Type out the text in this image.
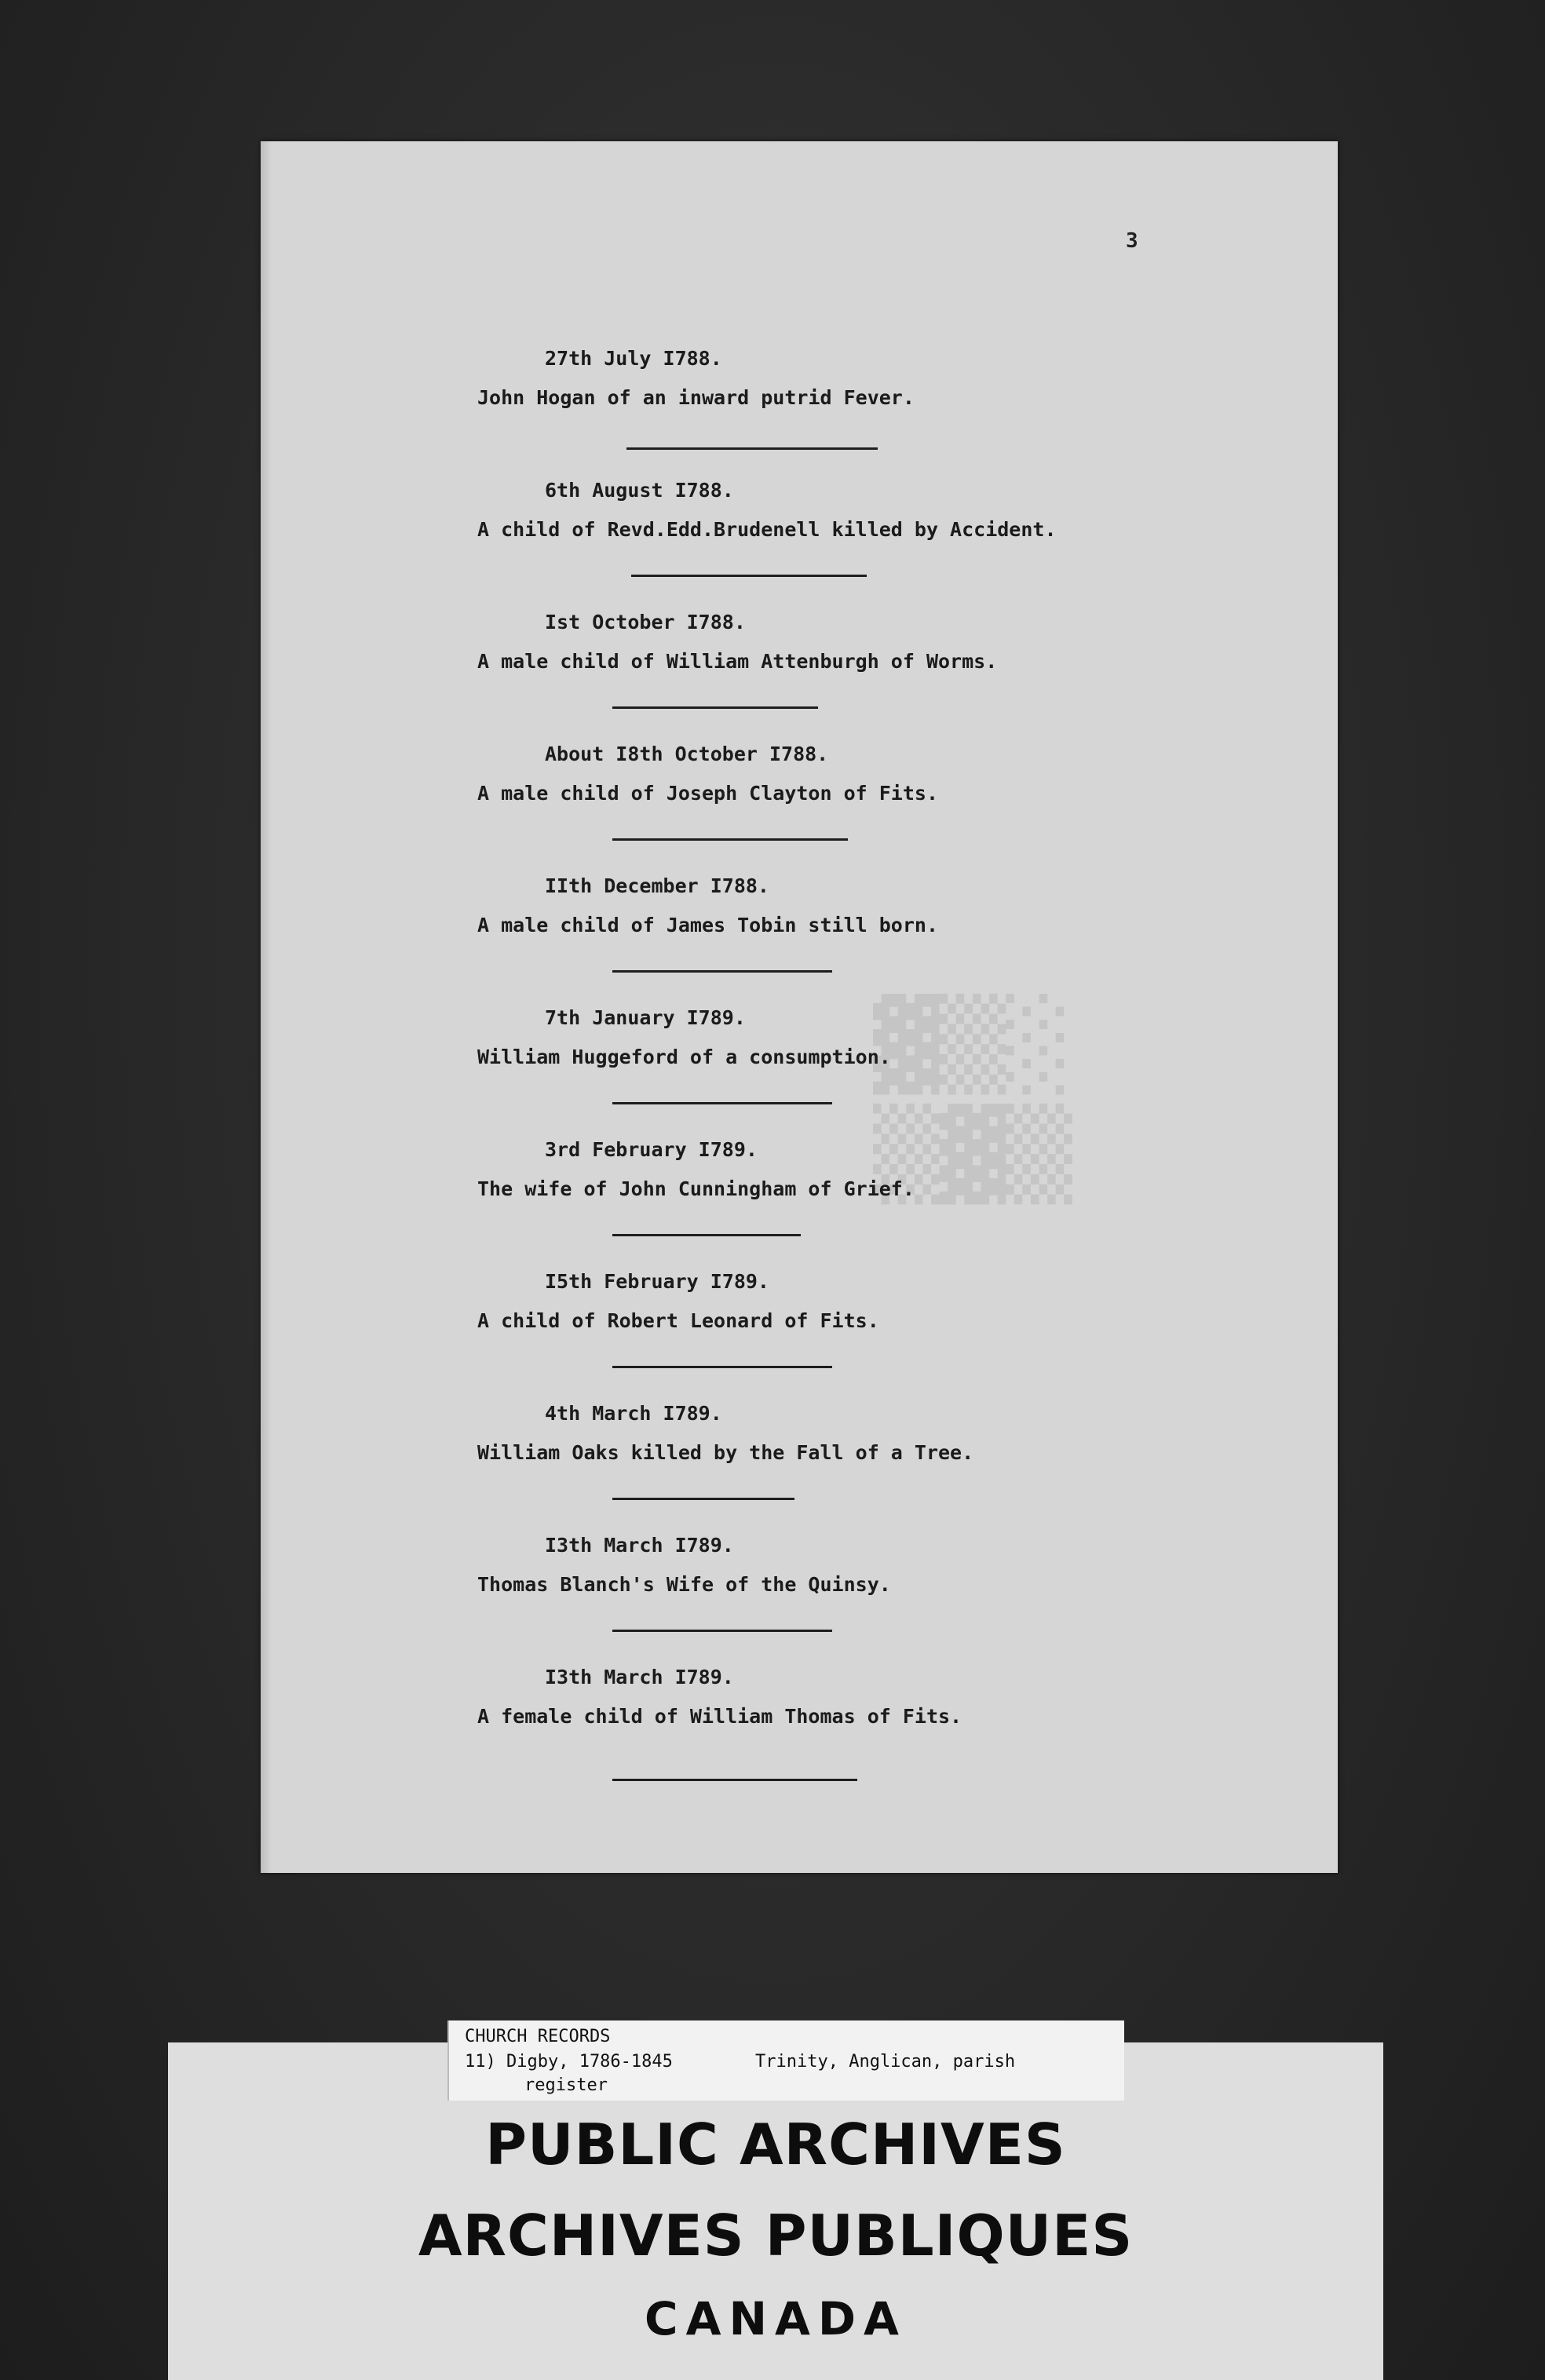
3
▓▒░
▒▓▒
27th July I788.
John Hogan of an inward putrid Fever.
6th August I788.
A child of Revd.Edd.Brudenell killed by Accident.
Ist October I788.
A male child of William Attenburgh of Worms.
About I8th October I788.
A male child of Joseph Clayton of Fits.
IIth December I788.
A male child of James Tobin still born.
7th January I789.
William Huggeford of a consumption.
3rd February I789.
The wife of John Cunningham of Grief.
I5th February I789.
A child of Robert Leonard of Fits.
4th March I789.
William Oaks killed by the Fall of a Tree.
I3th March I789.
Thomas Blanch's Wife of the Quinsy.
I3th March I789.
A female child of William Thomas of Fits.
PUBLIC ARCHIVES
ARCHIVES PUBLIQUES
CANADA
CHURCH RECORDS
11) Digby, 1786-1845	Trinity, Anglican, parish
register
